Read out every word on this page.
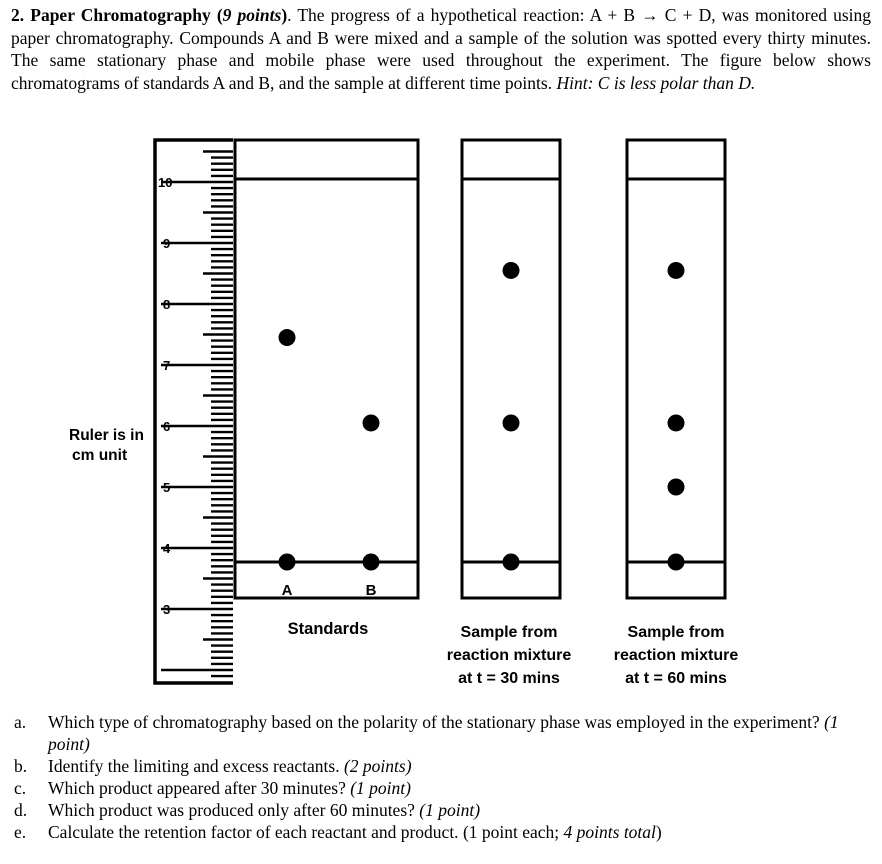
2. Paper Chromatography (9 points). The progress of a hypothetical reaction: A + B → C + D, was monitored using paper chromatography. Compounds A and B were mixed and a sample of the solution was spotted every thirty minutes. The same stationary phase and mobile phase were used throughout the experiment. The figure below shows chromatograms of standards A and B, and the sample at different time points. Hint: C is less polar than D.

10
9
8
7
6
5
4
3
Ruler is in
cm unit
A	B
Standards	Sample from
reaction mixture
at t = 30 mins
Sample from
reaction mixture
at t = 60 mins
a.	Which type of chromatography based on the polarity of the stationary phase was employed in the experiment? (1 point)
b.	Identify the limiting and excess reactants. (2 points)
c.	Which product appeared after 30 minutes? (1 point)
d.	Which product was produced only after 60 minutes? (1 point)
e.	Calculate the retention factor of each reactant and product. (1 point each; 4 points total)
